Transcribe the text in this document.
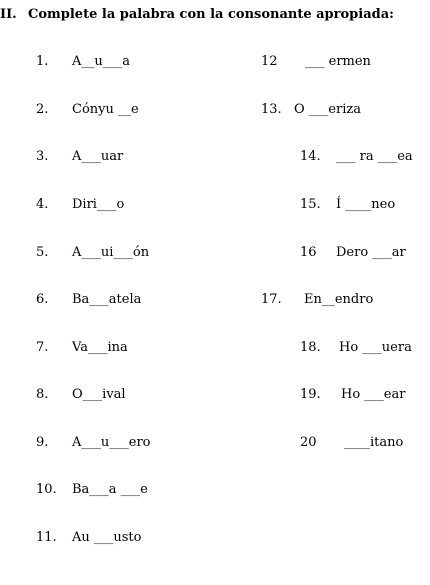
II. Complete la palabra con la consonante apropiada:
1. A__u___a
2. Cónyu __e
3. A___uar
4. Diri___o
5. A___ui___ón
6. Ba___atela
7. Va___ina
8. O___ival
9. A___u___ero
10. Ba___a ___e
11. Au ___usto
12 ___ ermen
13. O ___eriza
14. ___ ra ___ea
15. Í ____neo
16 Dero ___ar
17. En__endro
18. Ho ___uera
19. Ho ___ear
20 ____itano
